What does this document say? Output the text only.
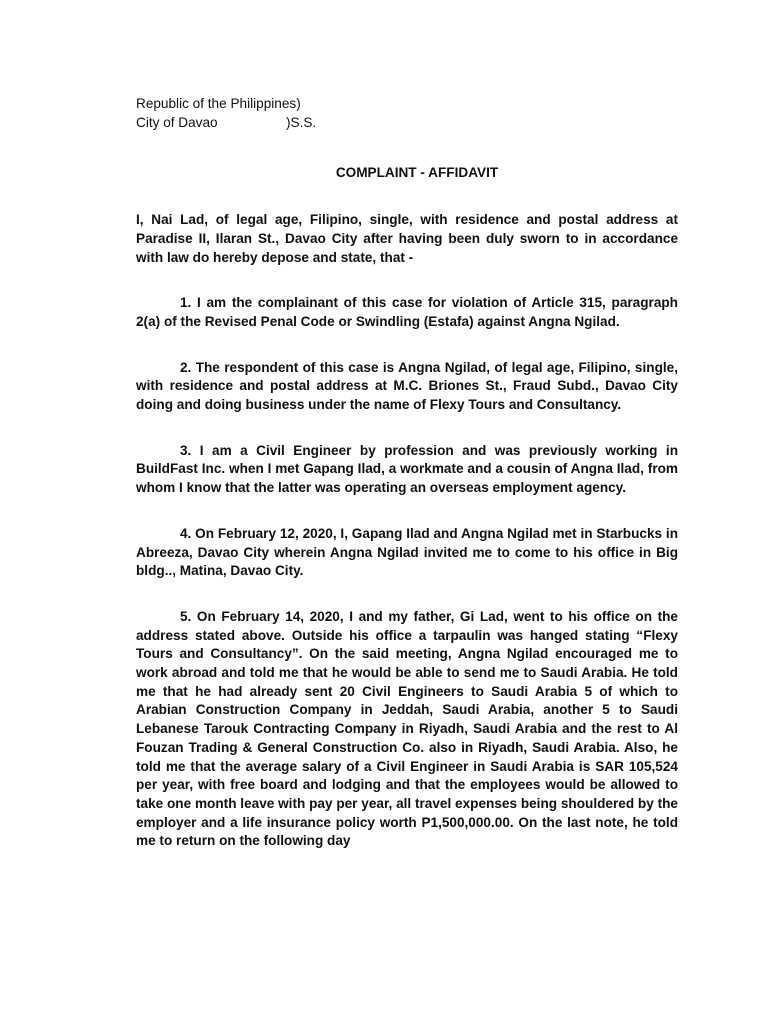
Republic of the Philippines)
City of Davao	)S.S.
COMPLAINT - AFFIDAVIT

I, Nai Lad, of legal age, Filipino, single, with residence and postal address at Paradise II, Ilaran St., Davao City after having been duly sworn to in accordance with law do hereby depose and state, that -

1. I am the complainant of this case for violation of Article 315, paragraph 2(a) of the Revised Penal Code or Swindling (Estafa) against Angna Ngilad.

2. The respondent of this case is Angna Ngilad, of legal age, Filipino, single, with residence and postal address at M.C. Briones St., Fraud Subd., Davao City doing and doing business under the name of Flexy Tours and Consultancy.

3. I am a Civil Engineer by profession and was previously working in BuildFast Inc. when I met Gapang Ilad, a workmate and a cousin of Angna Ilad, from whom I know that the latter was operating an overseas employment agency.

4. On February 12, 2020, I, Gapang Ilad and Angna Ngilad met in Starbucks in Abreeza, Davao City wherein Angna Ngilad invited me to come to his office in Big bldg.., Matina, Davao City.

5. On February 14, 2020, I and my father, Gi Lad, went to his office on the address stated above. Outside his office a tarpaulin was hanged stating “Flexy Tours and Consultancy”. On the said meeting, Angna Ngilad encouraged me to work abroad and told me that he would be able to send me to Saudi Arabia. He told me that he had already sent 20 Civil Engineers to Saudi Arabia 5 of which to Arabian Construction Company in Jeddah, Saudi Arabia, another 5 to Saudi Lebanese Tarouk Contracting Company in Riyadh, Saudi Arabia and the rest to Al Fouzan Trading & General Construction Co. also in Riyadh, Saudi Arabia. Also, he told me that the average salary of a Civil Engineer in Saudi Arabia is SAR 105,524 per year, with free board and lodging and that the employees would be allowed to take one month leave with pay per year, all travel expenses being shouldered by the employer and a life insurance policy worth P1,500,000.00. On the last note, he told me to return on the following day
